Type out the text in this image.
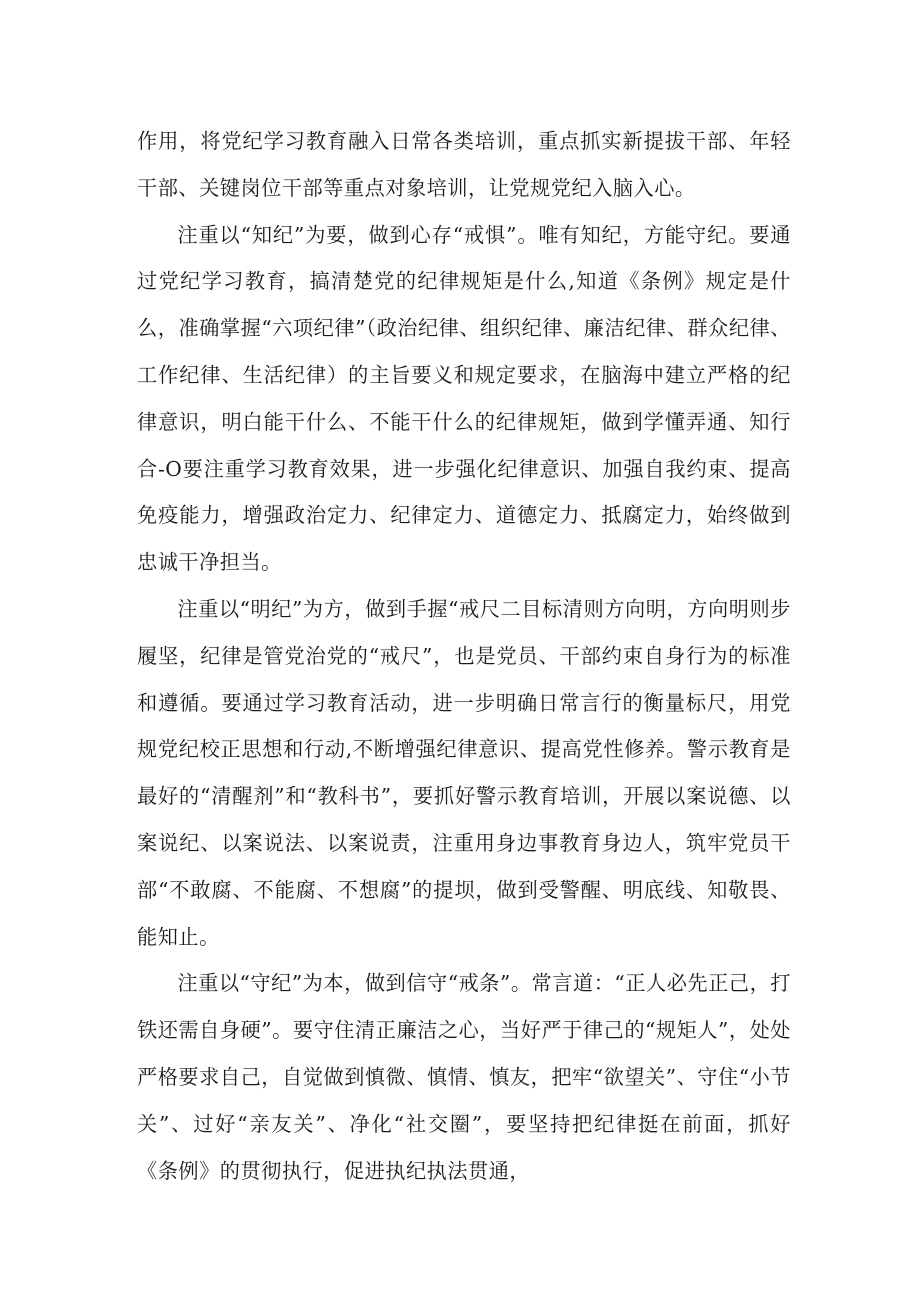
作用，将党纪学习教育融入日常各类培训，重点抓实新提拔干部、年轻干部、关键岗位干部等重点对象培训，让党规党纪入脑入心。

注重以“知纪”为要，做到心存“戒惧”。唯有知纪，方能守纪。要通过党纪学习教育，搞清楚党的纪律规矩是什么,知道《条例》规定是什么，准确掌握“六项纪律”（政治纪律、组织纪律、廉洁纪律、群众纪律、工作纪律、生活纪律）的主旨要义和规定要求，在脑海中建立严格的纪律意识，明白能干什么、不能干什么的纪律规矩，做到学懂弄通、知行合-O要注重学习教育效果，进一步强化纪律意识、加强自我约束、提高免疫能力，增强政治定力、纪律定力、道德定力、抵腐定力，始终做到忠诚干净担当。

注重以“明纪”为方，做到手握“戒尺二目标清则方向明，方向明则步履坚，纪律是管党治党的“戒尺”，也是党员、干部约束自身行为的标准和遵循。要通过学习教育活动，进一步明确日常言行的衡量标尺，用党规党纪校正思想和行动,不断增强纪律意识、提高党性修养。警示教育是最好的“清醒剂”和“教科书”，要抓好警示教育培训，开展以案说德、以案说纪、以案说法、以案说责，注重用身边事教育身边人，筑牢党员干部“不敢腐、不能腐、不想腐”的提坝，做到受警醒、明底线、知敬畏、能知止。

注重以“守纪”为本，做到信守“戒条”。常言道：“正人必先正己，打铁还需自身硬”。要守住清正廉洁之心，当好严于律己的“规矩人”，处处严格要求自己，自觉做到慎微、慎情、慎友，把牢“欲望关”、守住“小节关”、过好“亲友关”、净化“社交圈”，要坚持把纪律挺在前面，抓好《条例》的贯彻执行，促进执纪执法贯通，
